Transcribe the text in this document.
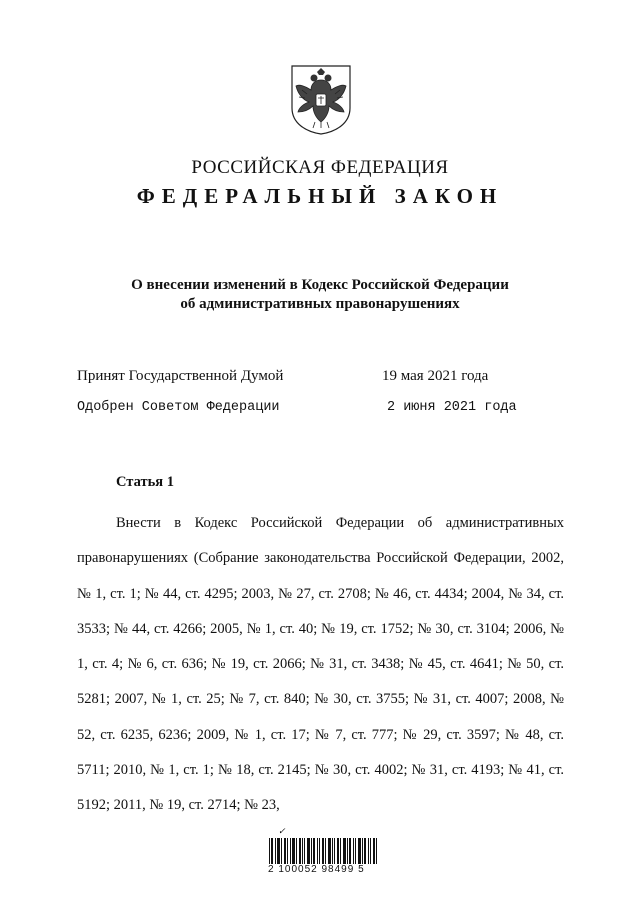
РОССИЙСКАЯ ФЕДЕРАЦИЯ
ФЕДЕРАЛЬНЫЙ ЗАКОН
О внесении изменений в Кодекс Российской Федерации
об административных правонарушениях
Принят Государственной Думой	19 мая 2021 года
Одобрен Советом Федерации	2 июня 2021 года
Статья 1

Внести в Кодекс Российской Федерации об административных правонарушениях (Собрание законодательства Российской Федерации, 2002, № 1, ст. 1; № 44, ст. 4295; 2003, № 27, ст. 2708; № 46, ст. 4434; 2004, № 34, ст. 3533; № 44, ст. 4266; 2005, № 1, ст. 40; № 19, ст. 1752; № 30, ст. 3104; 2006, № 1, ст. 4; № 6, ст. 636; № 19, ст. 2066; № 31, ст. 3438; № 45, ст. 4641; № 50, ст. 5281; 2007, № 1, ст. 25; № 7, ст. 840; № 30, ст. 3755; № 31, ст. 4007; 2008, № 52, ст. 6235, 6236; 2009, № 1, ст. 17; № 7, ст. 777; № 29, ст. 3597; № 48, ст. 5711; 2010, № 1, ст. 1; № 18, ст. 2145; № 30, ст. 4002; № 31, ст. 4193; № 41, ст. 5192; 2011, № 19, ст. 2714; № 23,

✓
2 100052 98499 5
